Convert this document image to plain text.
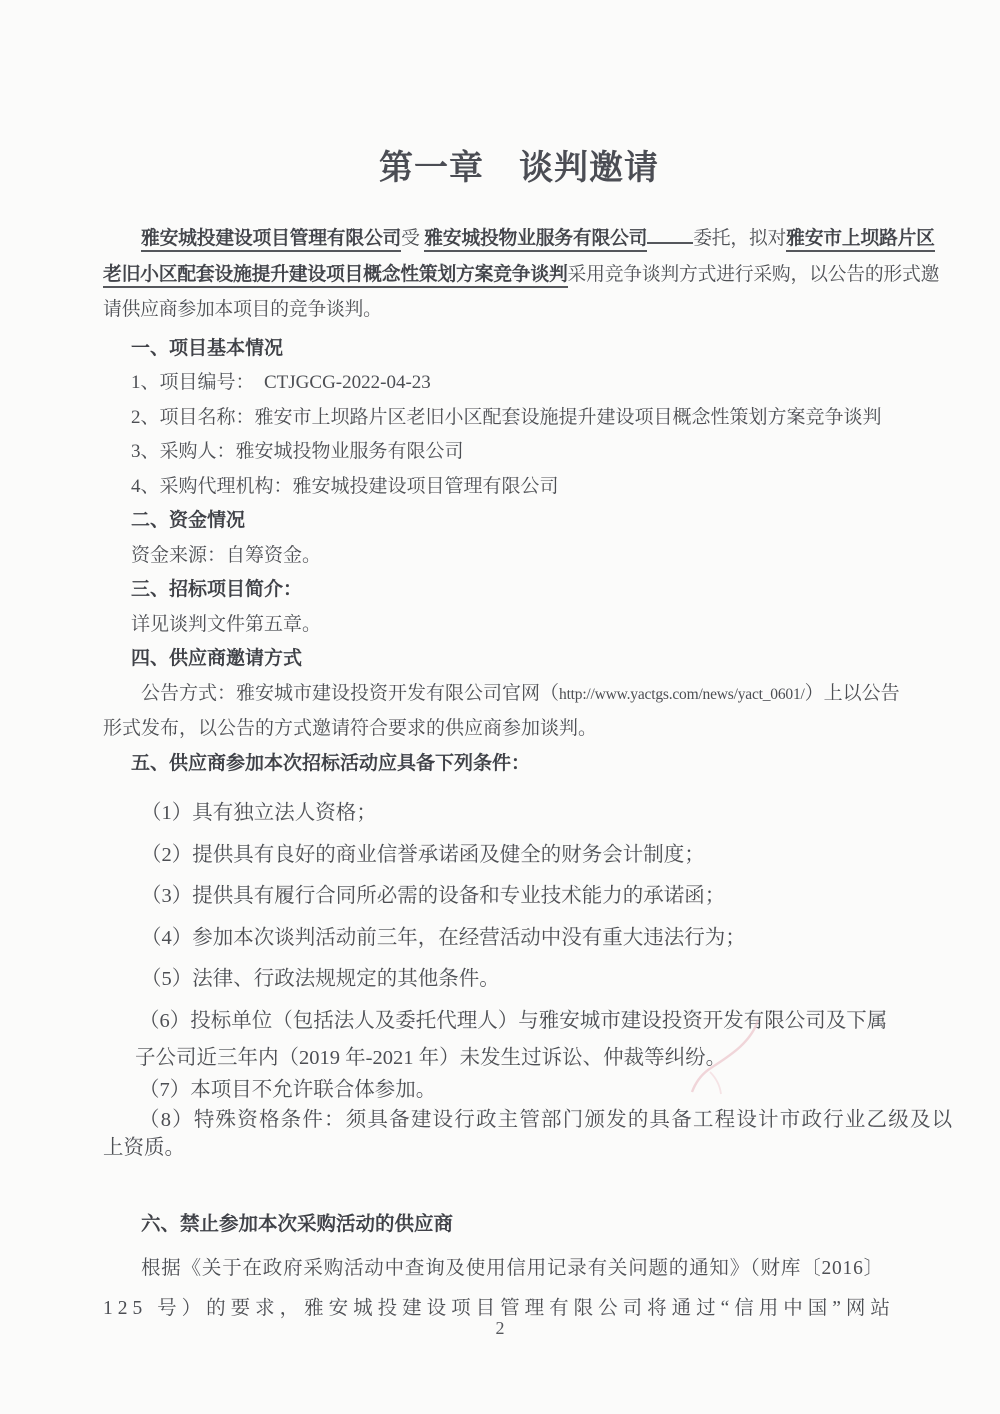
第一章　谈判邀请
雅安城投建设项目管理有限公司受 雅安城投物业服务有限公司 委托，拟对雅安市上坝路片区
老旧小区配套设施提升建设项目概念性策划方案竞争谈判采用竞争谈判方式进行采购，以公告的形式邀
请供应商参加本项目的竞争谈判。
一、项目基本情况
1、项目编号：  CTJGCG-2022-04-23
2、项目名称：雅安市上坝路片区老旧小区配套设施提升建设项目概念性策划方案竞争谈判
3、采购人：雅安城投物业服务有限公司
4、采购代理机构：雅安城投建设项目管理有限公司
二、资金情况
资金来源：自筹资金。
三、招标项目简介：
详见谈判文件第五章。
四、供应商邀请方式
公告方式：雅安城市建设投资开发有限公司官网（http://www.yactgs.com/news/yact_0601/）上以公告
形式发布，以公告的方式邀请符合要求的供应商参加谈判。
五、供应商参加本次招标活动应具备下列条件：
（1）具有独立法人资格；
（2）提供具有良好的商业信誉承诺函及健全的财务会计制度；
（3）提供具有履行合同所必需的设备和专业技术能力的承诺函；
（4）参加本次谈判活动前三年，在经营活动中没有重大违法行为；
（5）法律、行政法规规定的其他条件。
（6）投标单位（包括法人及委托代理人）与雅安城市建设投资开发有限公司及下属
子公司近三年内（2019 年-2021 年）未发生过诉讼、仲裁等纠纷。
（7）本项目不允许联合体参加。
（8）特殊资格条件：须具备建设行政主管部门颁发的具备工程设计市政行业乙级及以
上资质。
六、禁止参加本次采购活动的供应商
根据《关于在政府采购活动中查询及使用信用记录有关问题的通知》（财库〔2016〕
125 号）的要求，雅安城投建设项目管理有限公司将通过“信用中国”网站
2
